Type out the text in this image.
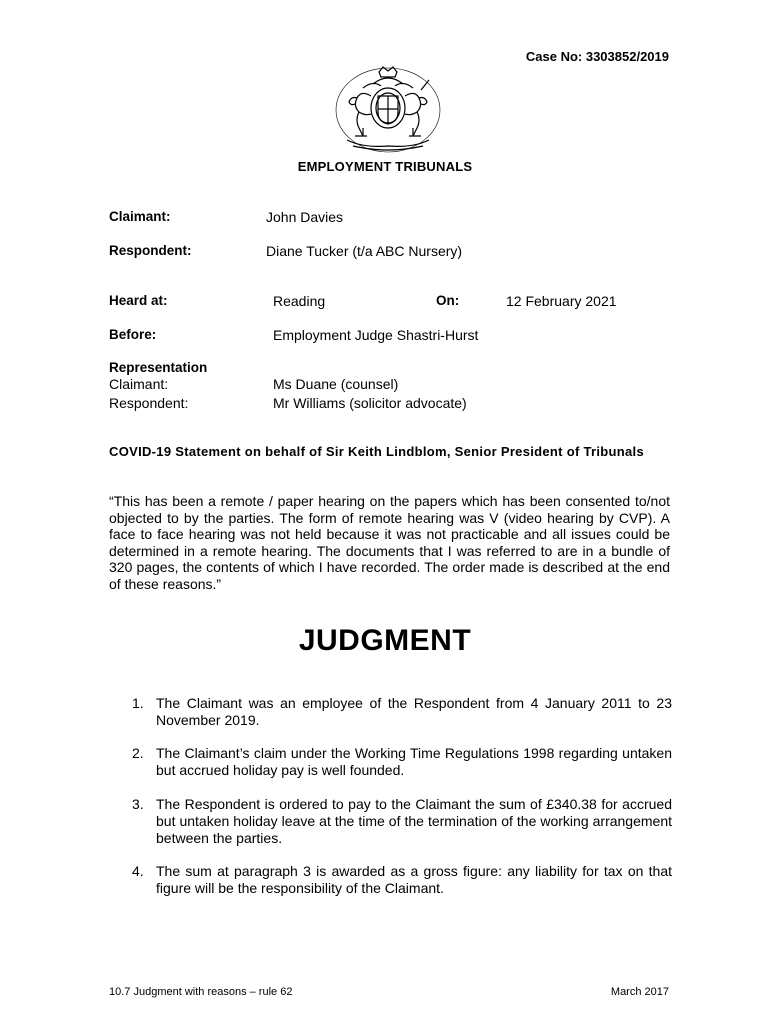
Case No: 3303852/2019
EMPLOYMENT TRIBUNALS
Claimant:	John Davies
Respondent:	Diane Tucker (t/a ABC Nursery)
Heard at:	Reading	On:	12 February 2021
Before:	Employment Judge Shastri-Hurst
Representation
Claimant:	Ms Duane (counsel)
Respondent:	Mr Williams (solicitor advocate)
COVID-19 Statement on behalf of Sir Keith Lindblom, Senior President of Tribunals
“This has been a remote / paper hearing on the papers which has been consented to/not objected to by the parties. The form of remote hearing was V (video hearing by CVP). A face to face hearing was not held because it was not practicable and all issues could be determined in a remote hearing. The documents that I was referred to are in a bundle of 320 pages, the contents of which I have recorded. The order made is described at the end of these reasons.”
JUDGMENT
1. The Claimant was an employee of the Respondent from 4 January 2011 to 23 November 2019.
2. The Claimant’s claim under the Working Time Regulations 1998 regarding untaken but accrued holiday pay is well founded.
3. The Respondent is ordered to pay to the Claimant the sum of £340.38 for accrued but untaken holiday leave at the time of the termination of the working arrangement between the parties.
4. The sum at paragraph 3 is awarded as a gross figure: any liability for tax on that figure will be the responsibility of the Claimant.
10.7 Judgment with reasons – rule 62	March 2017
